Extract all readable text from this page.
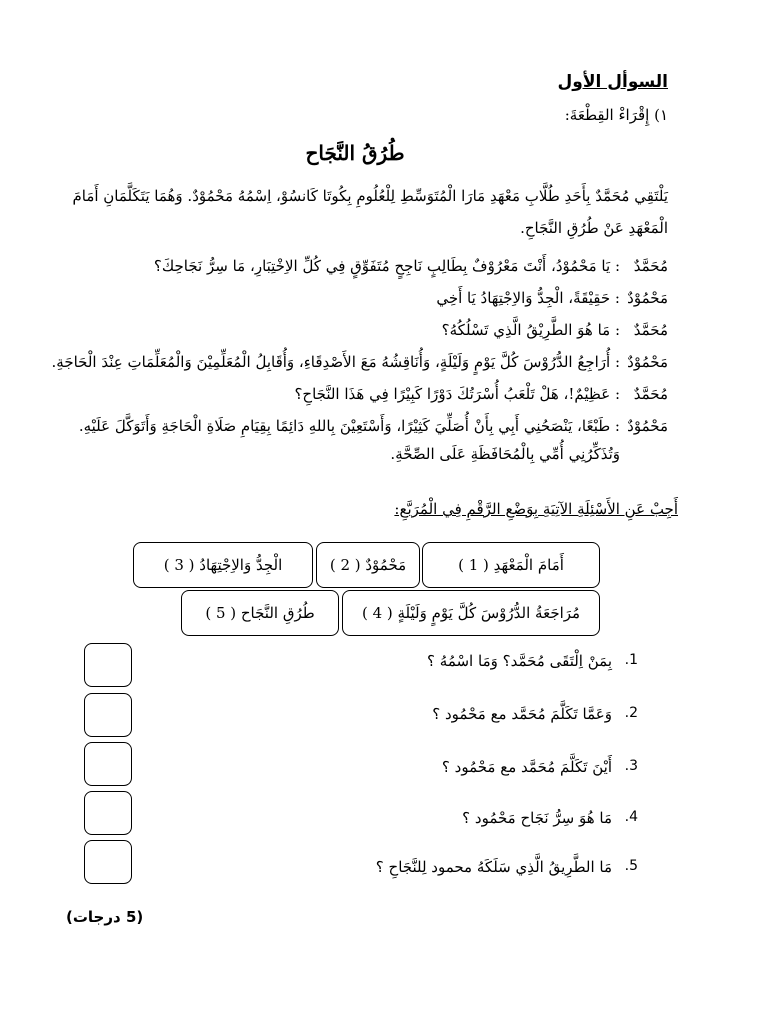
السوأل الأول
١) إِقْرَاءْ القِطْعَةَ:
طُرُقُ النَّجَاح
يَلْتَقِي مُحَمَّدٌ بِأَحَدِ طُلَّابِ مَعْهَدِ مَارَا الْمُتَوَسِّطِ لِلْعُلُومِ بِكُوتَا كَانسُوْ، اِسْمُهُ مَحْمُوْدٌ. وَهُمَا يَتَكَلَّمَانِ أَمَامَ الْمَعْهَدِ عَنْ طُرُقِ النَّجَاحِ.
مُحَمَّدٌ
: يَا مَحْمُوْدُ، أَنْتَ مَعْرُوْفٌ بِطَالِبٍ نَاجِحٍ مُتَفَوِّقٍ فِي كُلِّ الاِخْتِبَارِ، مَا سِرُّ نَجَاحِكَ؟
مَحْمُوْدٌ
: حَقِيْقَةً، الْجِدُّ وَالاِجْتِهَادُ يَا أَخِي
مُحَمَّدٌ
: مَا هُوَ الطَّرِيْقُ الَّذِي تَسْلُكُهُ؟
مَحْمُوْدٌ
: أُرَاجِعُ الدُّرُوْسَ كُلَّ يَوْمٍ وَلَيْلَةٍ، وَأُنَاقِشُهُ مَعَ الأَصْدِقَاءِ، وَأُقَابِلُ الْمُعَلِّمِيْنَ وَالْمُعَلِّمَاتِ عِنْدَ الْحَاجَةِ.
مُحَمَّدٌ
: عَظِيْمٌ!، هَلْ تَلْعَبُ أُسْرَتُكَ دَوْرًا كَبِيْرًا فِي هَذَا النَّجَاحِ؟
مَحْمُوْدٌ
: طَبْعًا، يَنْصَحُنِي أَبِي بِأَنْ أُصَلِّيَ كَثِيْرًا، وَأَسْتَعِيْنَ بِاللهِ دَائِمًا بِقِيَامِ صَلَاةِ الْحَاجَةِ وَأَتَوَكَّلَ عَلَيْهِ. وَتُذَكِّرُنِي أُمِّي بِالْمُحَافَظَةِ عَلَى الصِّحَّةِ.
أَجِبْ عَنِ الأَسْئِلَةِ الآتِيَةِ بِوَضْعِ الرَّقْمِ فِي الْمُرَبَّعِ:
أَمَامَ الْمَعْهَدِ ( 1 )
مَحْمُوْدٌ ( 2 )
الْجِدُّ وَالاِجْتِهَادُ ( 3 )
مُرَاجَعَةُ الدُّرُوْسَ كُلَّ يَوْمٍ وَلَيْلَةٍ ( 4 )
طُرُقِ النَّجَاح ( 5 )
1.
بِمَنْ اِلْتَقَى مُحَمَّد؟ وَمَا اسْمُهُ ؟
2.
وَعَمَّا تَكَلَّمَ مُحَمَّد مع مَحْمُود ؟
3.
أَيْنَ تَكَلَّمَ مُحَمَّد مع مَحْمُود ؟
4.
مَا هُوَ سِرُّ نَجَاح مَحْمُود ؟
5.
مَا الطَّرِيقُ الَّذِي سَلَكَهُ محمود لِلنَّجَاحِ ؟
(5 درجات)
